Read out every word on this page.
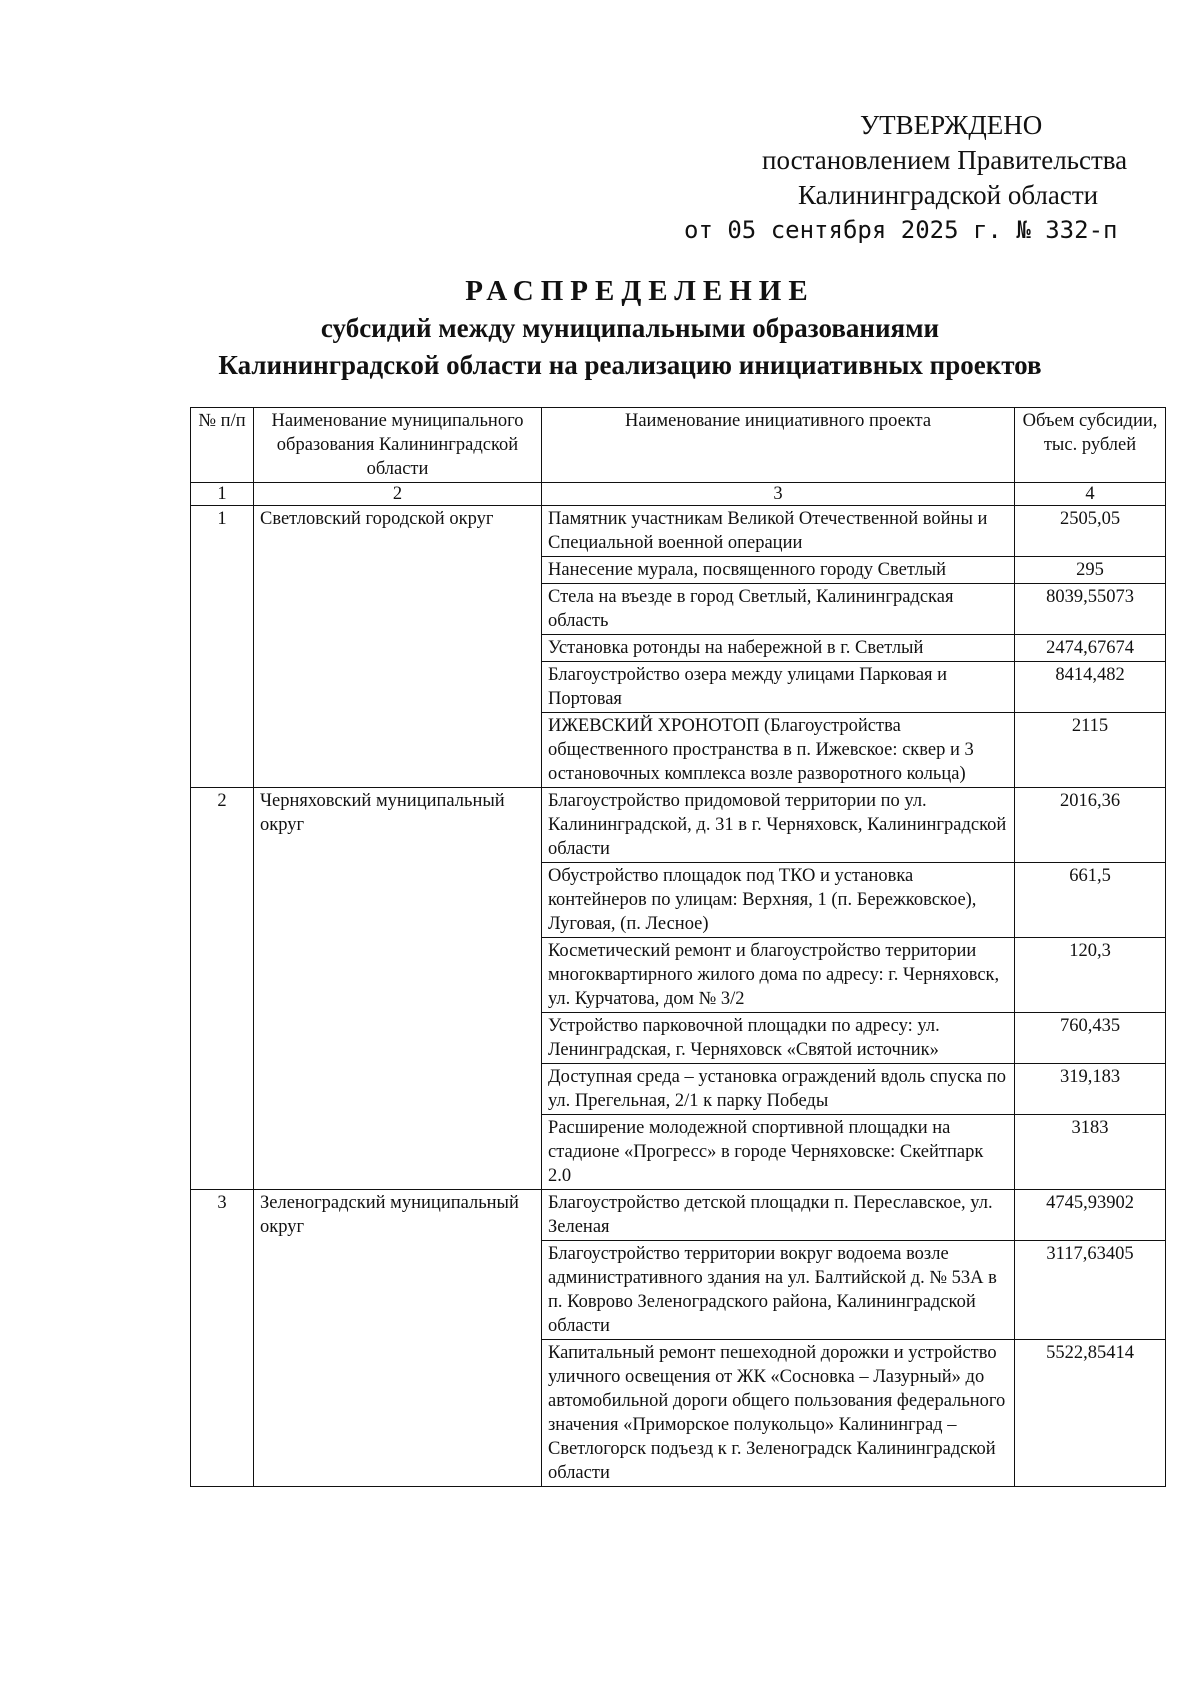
УТВЕРЖДЕНО
постановлением Правительства
Калининградской области
от 05 сентября 2025 г. № 332-п
РАСПРЕДЕЛЕНИЕ
субсидий между муниципальными образованиями
Калининградской области на реализацию инициативных проектов
№ п/п	Наименование муниципального образования Калининградской области	Наименование инициативного проекта	Объем субсидии, тыс. рублей
1	2	3	4
1	Светловский городской округ	Памятник участникам Великой Отечественной войны и Специальной военной операции	2505,05
		Нанесение мурала, посвященного городу Светлый	295
		Стела на въезде в город Светлый, Калининградская область	8039,55073
		Установка ротонды на набережной в г. Светлый	2474,67674
		Благоустройство озера между улицами Парковая и Портовая	8414,482
		ИЖЕВСКИЙ ХРОНОТОП (Благоустройства общественного пространства в п. Ижевское: сквер и 3 остановочных комплекса возле разворотного кольца)	2115
2	Черняховский муниципальный округ	Благоустройство придомовой территории по ул. Калининградской, д. 31 в г. Черняховск, Калининградской области	2016,36
		Обустройство площадок под ТКО и установка контейнеров по улицам: Верхняя, 1 (п. Бережковское), Луговая, (п. Лесное)	661,5
		Косметический ремонт и благоустройство территории многоквартирного жилого дома по адресу: г. Черняховск, ул. Курчатова, дом № 3/2	120,3
		Устройство парковочной площадки по адресу: ул. Ленинградская, г. Черняховск «Святой источник»	760,435
		Доступная среда – установка ограждений вдоль спуска по ул. Прегельная, 2/1 к парку Победы	319,183
		Расширение молодежной спортивной площадки на стадионе «Прогресс» в городе Черняховске: Скейтпарк 2.0	3183
3	Зеленоградский муниципальный округ	Благоустройство детской площадки п. Переславское, ул. Зеленая	4745,93902
		Благоустройство территории вокруг водоема возле административного здания на ул. Балтийской д. № 53А в п. Коврово Зеленоградского района, Калининградской области	3117,63405
		Капитальный ремонт пешеходной дорожки и устройство уличного освещения от ЖК «Сосновка – Лазурный» до автомобильной дороги общего пользования федерального значения «Приморское полукольцо» Калининград – Светлогорск подъезд к г. Зеленоградск Калининградской области	5522,85414
